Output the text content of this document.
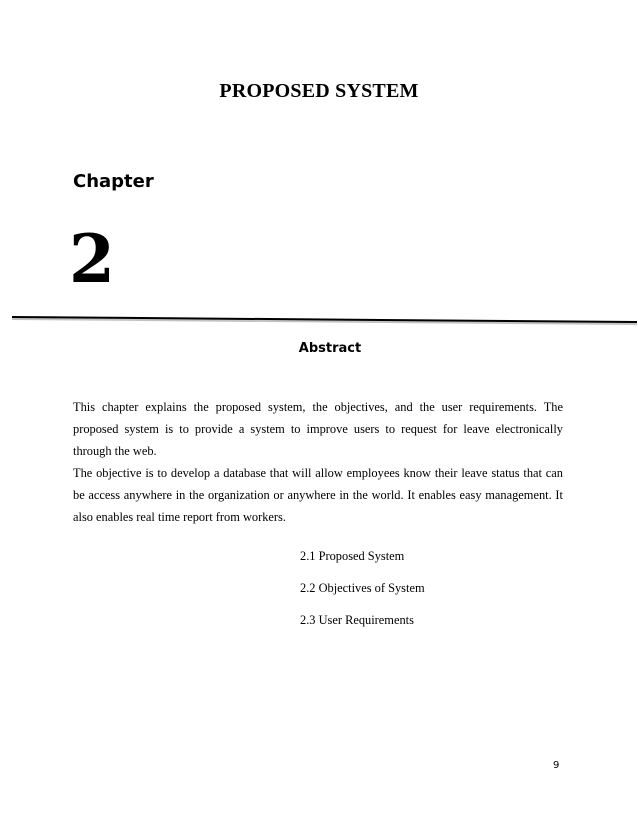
PROPOSED SYSTEM
Chapter
2
Abstract

This chapter explains the proposed system, the objectives, and the user requirements. The proposed system is to provide a system to improve users to request for leave electronically through the web.

The objective is to develop a database that will allow employees know their leave status that can be access anywhere in the organization or anywhere in the world. It enables easy management. It also enables real time report from workers.

2.1 Proposed System
2.2 Objectives of System
2.3 User Requirements
9
